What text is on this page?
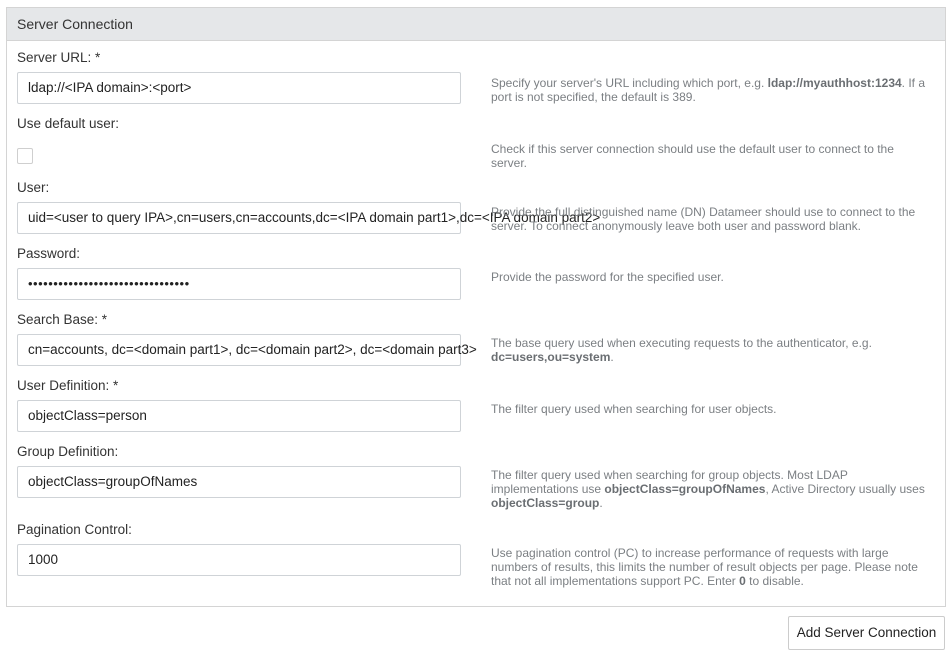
Server Connection
Server URL: *
ldap://<IPA domain>:<port>	Specify your server's URL including which port, e.g. ldap://myauthhost:1234. If a port is not specified, the default is 389.
Use default user:
Check if this server connection should use the default user to connect to the server.
User:
uid=<user to query IPA>,cn=users,cn=accounts,dc=<IPA domain part1>,dc=<IPA domain part2>
Provide the full distinguished name (DN) Datameer should use to connect to the server. To connect anonymously leave both user and password blank.
Password:
••••••••••••••••••••••••••••••••	Provide the password for the specified user.
Search Base: *
cn=accounts, dc=<domain part1>, dc=<domain part2>, dc=<domain part3> The base query used when executing requests to the authenticator, e.g. dc=users,ou=system.
User Definition: *
objectClass=person	The filter query used when searching for user objects.
Group Definition:
objectClass=groupOfNames	The filter query used when searching for group objects. Most LDAP implementations use objectClass=groupOfNames, Active Directory usually uses objectClass=group.
Pagination Control:
1000	Use pagination control (PC) to increase performance of requests with large numbers of results, this limits the number of result objects per page. Please note that not all implementations support PC. Enter 0 to disable.
Add Server Connection
